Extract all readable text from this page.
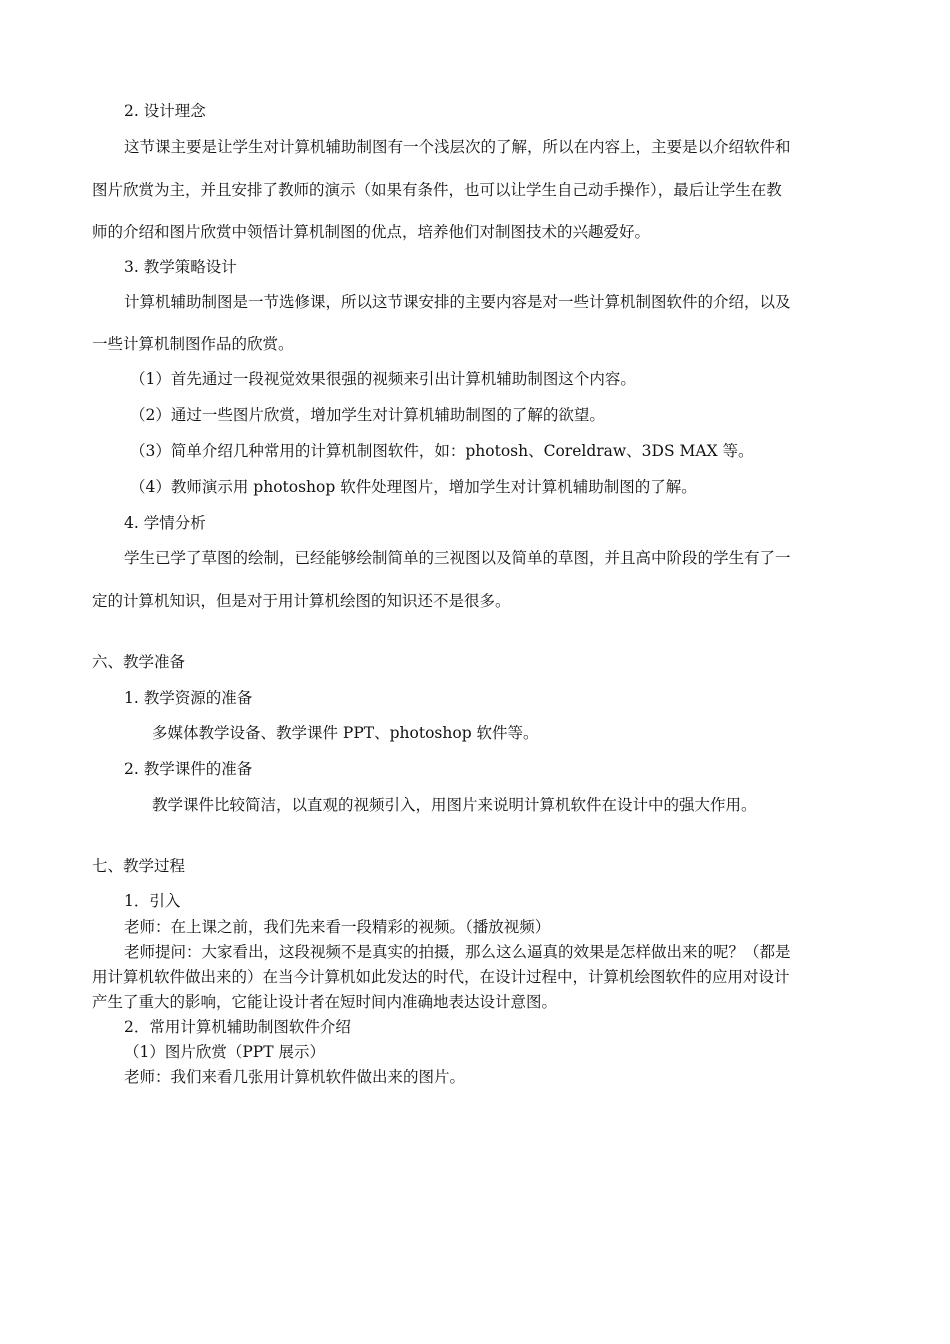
2. 设计理念
这节课主要是让学生对计算机辅助制图有一个浅层次的了解，所以在内容上，主要是以介绍软件和
图片欣赏为主，并且安排了教师的演示（如果有条件，也可以让学生自己动手操作），最后让学生在教
师的介绍和图片欣赏中领悟计算机制图的优点，培养他们对制图技术的兴趣爱好。
3. 教学策略设计
计算机辅助制图是一节选修课，所以这节课安排的主要内容是对一些计算机制图软件的介绍，以及
一些计算机制图作品的欣赏。
（1）首先通过一段视觉效果很强的视频来引出计算机辅助制图这个内容。
（2）通过一些图片欣赏，增加学生对计算机辅助制图的了解的欲望。
（3）简单介绍几种常用的计算机制图软件，如：photosh、Coreldraw、3DS MAX 等。
（4）教师演示用 photoshop 软件处理图片，增加学生对计算机辅助制图的了解。
4. 学情分析
学生已学了草图的绘制，已经能够绘制简单的三视图以及简单的草图，并且高中阶段的学生有了一
定的计算机知识，但是对于用计算机绘图的知识还不是很多。
六、教学准备
1. 教学资源的准备
多媒体教学设备、教学课件 PPT、photoshop 软件等。
2. 教学课件的准备
教学课件比较简洁，以直观的视频引入，用图片来说明计算机软件在设计中的强大作用。
七、教学过程
1．引入
老师：在上课之前，我们先来看一段精彩的视频。（播放视频）
老师提问：大家看出，这段视频不是真实的拍摄，那么这么逼真的效果是怎样做出来的呢？（都是
用计算机软件做出来的）在当今计算机如此发达的时代，在设计过程中，计算机绘图软件的应用对设计
产生了重大的影响，它能让设计者在短时间内准确地表达设计意图。
2．常用计算机辅助制图软件介绍
（1）图片欣赏（PPT 展示）
老师：我们来看几张用计算机软件做出来的图片。
